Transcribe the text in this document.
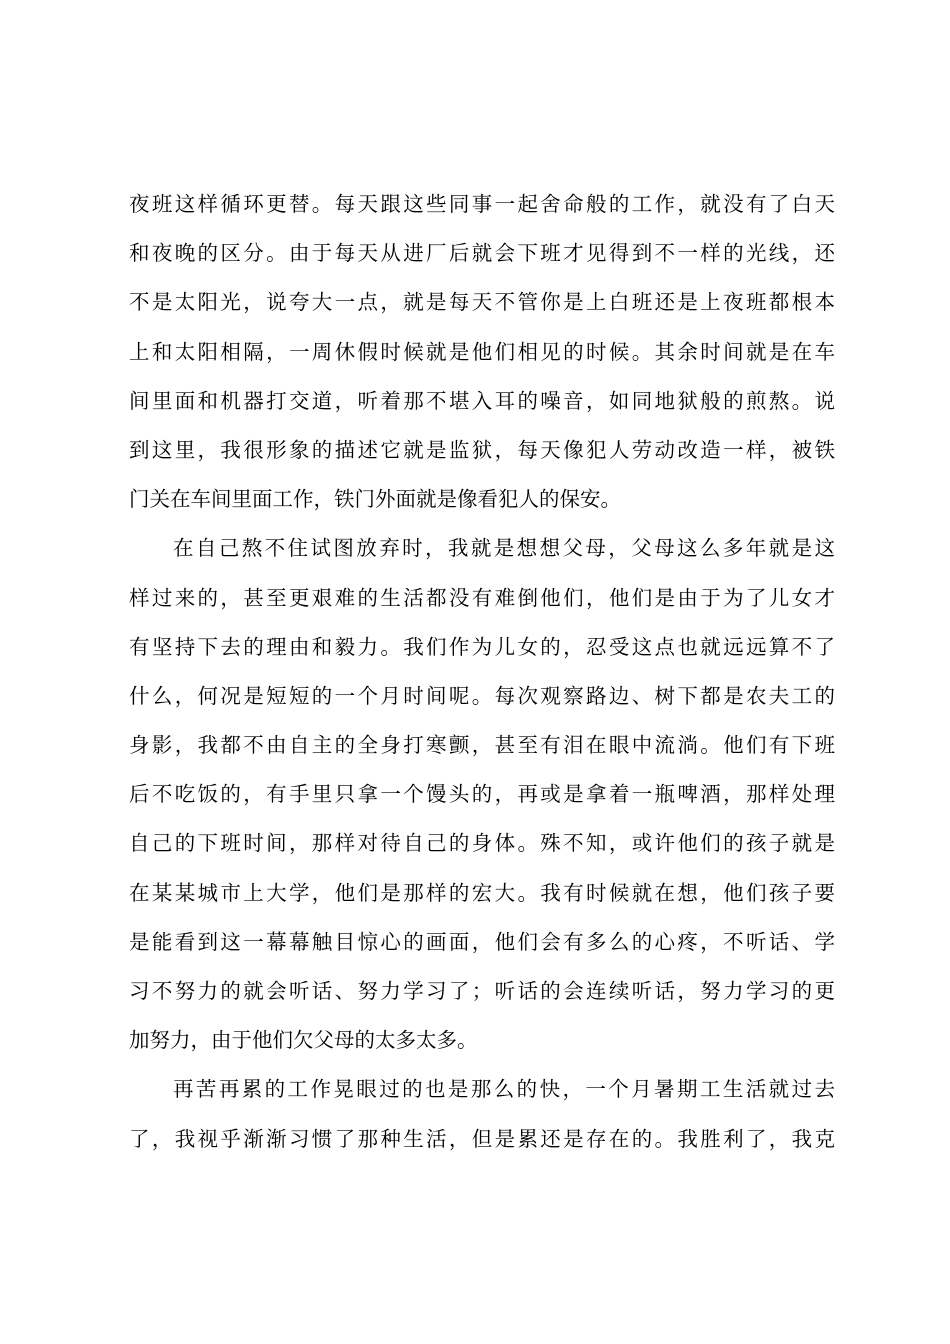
夜班这样循环更替。每天跟这些同事一起舍命般的工作，就没有了白天
和夜晚的区分。由于每天从进厂后就会下班才见得到不一样的光线，还
不是太阳光，说夸大一点，就是每天不管你是上白班还是上夜班都根本
上和太阳相隔，一周休假时候就是他们相见的时候。其余时间就是在车
间里面和机器打交道，听着那不堪入耳的噪音，如同地狱般的煎熬。说
到这里，我很形象的描述它就是监狱，每天像犯人劳动改造一样，被铁
门关在车间里面工作，铁门外面就是像看犯人的保安。
在自己熬不住试图放弃时，我就是想想父母，父母这么多年就是这
样过来的，甚至更艰难的生活都没有难倒他们，他们是由于为了儿女才
有坚持下去的理由和毅力。我们作为儿女的，忍受这点也就远远算不了
什么，何况是短短的一个月时间呢。每次观察路边、树下都是农夫工的
身影，我都不由自主的全身打寒颤，甚至有泪在眼中流淌。他们有下班
后不吃饭的，有手里只拿一个馒头的，再或是拿着一瓶啤酒，那样处理
自己的下班时间，那样对待自己的身体。殊不知，或许他们的孩子就是
在某某城市上大学，他们是那样的宏大。我有时候就在想，他们孩子要
是能看到这一幕幕触目惊心的画面，他们会有多么的心疼，不听话、学
习不努力的就会听话、努力学习了；听话的会连续听话，努力学习的更
加努力，由于他们欠父母的太多太多。
再苦再累的工作晃眼过的也是那么的快，一个月暑期工生活就过去
了，我视乎渐渐习惯了那种生活，但是累还是存在的。我胜利了，我克
